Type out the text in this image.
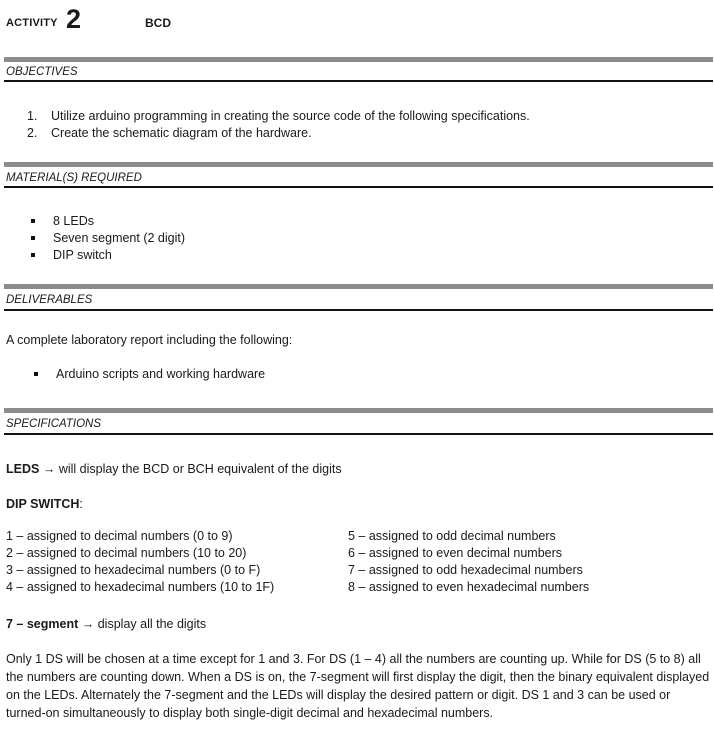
ACTIVITY 2	BCD
OBJECTIVES
1. Utilize arduino programming in creating the source code of the following specifications.
2. Create the schematic diagram of the hardware.
MATERIAL(S) REQUIRED
8 LEDs
Seven segment (2 digit)
DIP switch
DELIVERABLES
A complete laboratory report including the following:
Arduino scripts and working hardware
SPECIFICATIONS
LEDS → will display the BCD or BCH equivalent of the digits
DIP SWITCH:
1 – assigned to decimal numbers (0 to 9)
2 – assigned to decimal numbers (10 to 20)
3 – assigned to hexadecimal numbers (0 to F)
4 – assigned to hexadecimal numbers (10 to 1F)
5 – assigned to odd decimal numbers
6 – assigned to even decimal numbers
7 – assigned to odd hexadecimal numbers
8 – assigned to even hexadecimal numbers
7 – segment → display all the digits
Only 1 DS will be chosen at a time except for 1 and 3. For DS (1 – 4) all the numbers are counting up. While for DS (5 to 8) all the numbers are counting down. When a DS is on, the 7-segment will first display the digit, then the binary equivalent displayed on the LEDs. Alternately the 7-segment and the LEDs will display the desired pattern or digit. DS 1 and 3 can be used or turned-on simultaneously to display both single-digit decimal and hexadecimal numbers.
